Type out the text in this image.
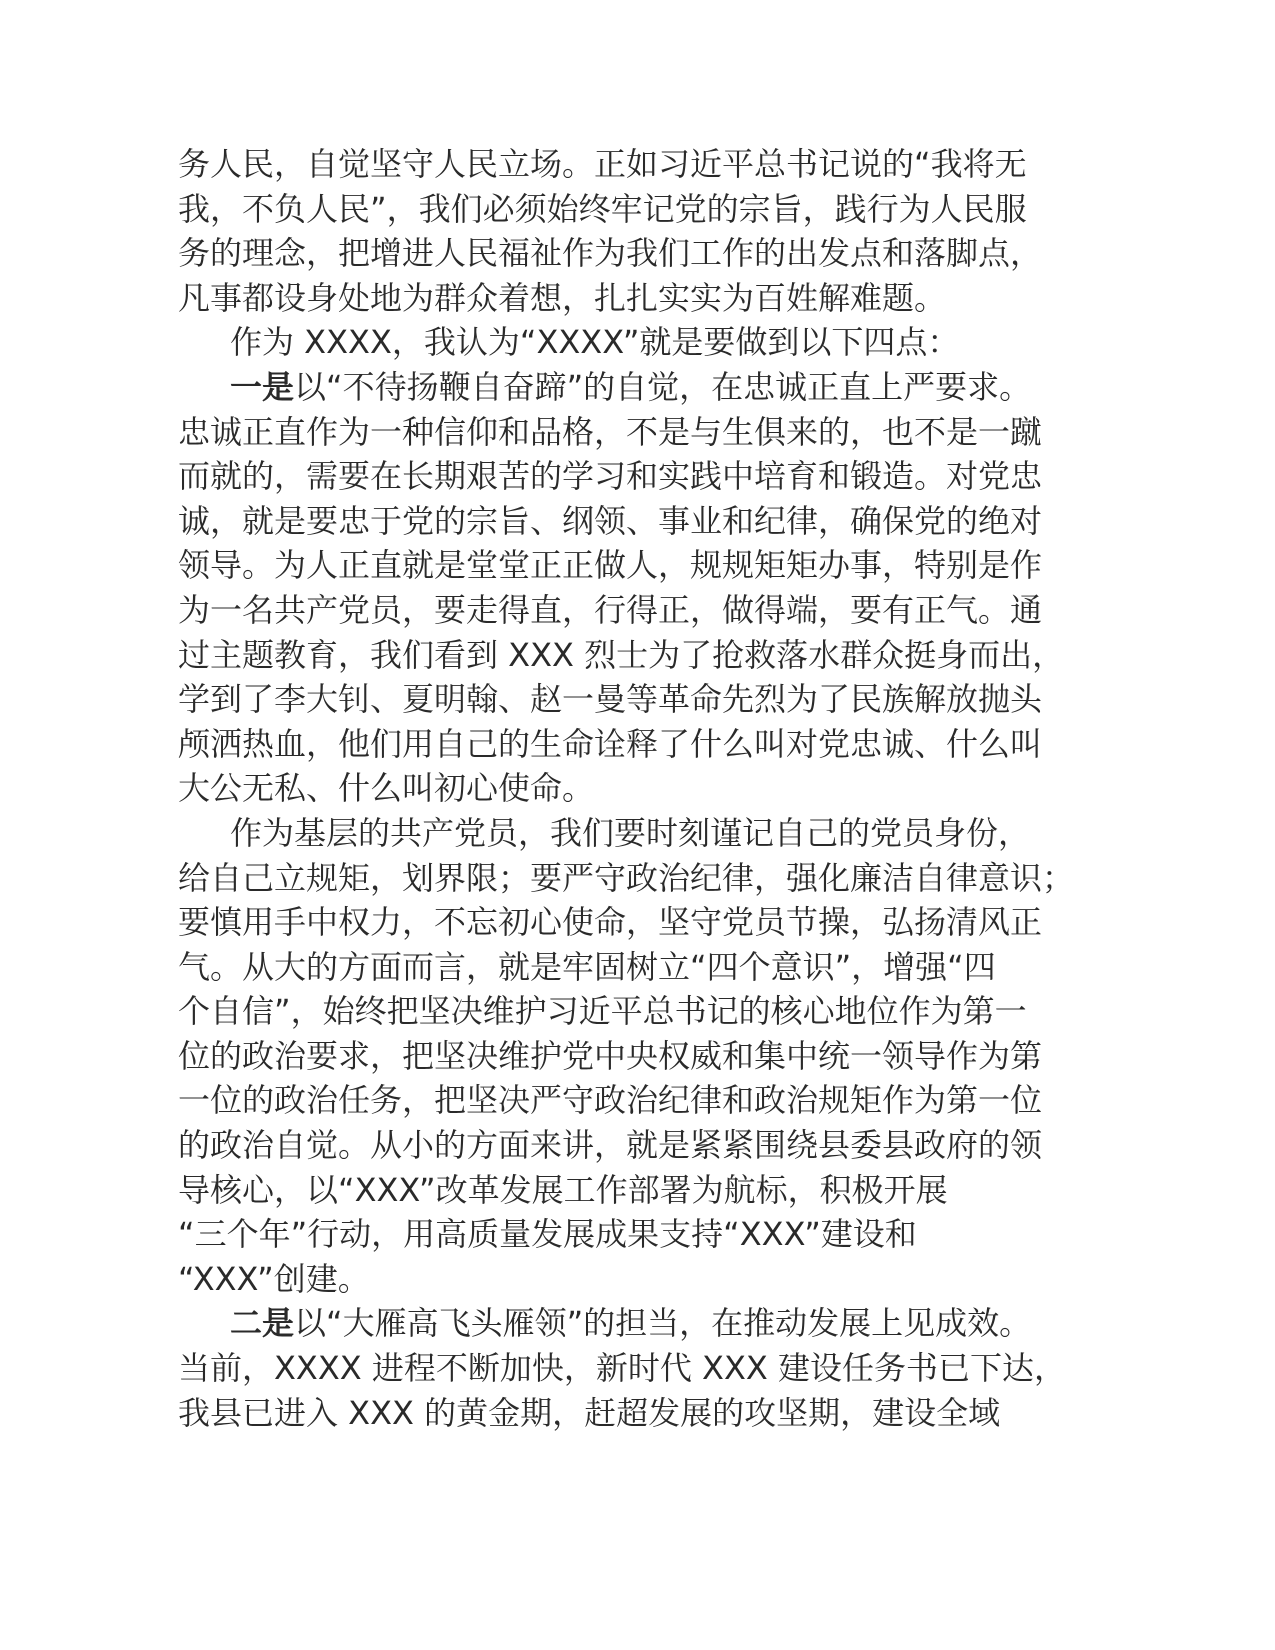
务人民，自觉坚守人民立场。正如习近平总书记说的“我将无
我，不负人民”，我们必须始终牢记党的宗旨，践行为人民服
务的理念，把增进人民福祉作为我们工作的出发点和落脚点，
凡事都设身处地为群众着想，扎扎实实为百姓解难题。
作为 XXXX，我认为“XXXX”就是要做到以下四点：
一是以“不待扬鞭自奋蹄”的自觉，在忠诚正直上严要求。
忠诚正直作为一种信仰和品格，不是与生俱来的，也不是一蹴
而就的，需要在长期艰苦的学习和实践中培育和锻造。对党忠
诚，就是要忠于党的宗旨、纲领、事业和纪律，确保党的绝对
领导。为人正直就是堂堂正正做人，规规矩矩办事，特别是作
为一名共产党员，要走得直，行得正，做得端，要有正气。通
过主题教育，我们看到 XXX 烈士为了抢救落水群众挺身而出，
学到了李大钊、夏明翰、赵一曼等革命先烈为了民族解放抛头
颅洒热血，他们用自己的生命诠释了什么叫对党忠诚、什么叫
大公无私、什么叫初心使命。
作为基层的共产党员，我们要时刻谨记自己的党员身份，
给自己立规矩，划界限；要严守政治纪律，强化廉洁自律意识；
要慎用手中权力，不忘初心使命，坚守党员节操，弘扬清风正
气。从大的方面而言，就是牢固树立“四个意识”，增强“四
个自信”，始终把坚决维护习近平总书记的核心地位作为第一
位的政治要求，把坚决维护党中央权威和集中统一领导作为第
一位的政治任务，把坚决严守政治纪律和政治规矩作为第一位
的政治自觉。从小的方面来讲，就是紧紧围绕县委县政府的领
导核心，以“XXX”改革发展工作部署为航标，积极开展
“三个年”行动，用高质量发展成果支持“XXX”建设和
“XXX”创建。
二是以“大雁高飞头雁领”的担当，在推动发展上见成效。
当前，XXXX 进程不断加快，新时代 XXX 建设任务书已下达，
我县已进入 XXX 的黄金期，赶超发展的攻坚期，建设全域
